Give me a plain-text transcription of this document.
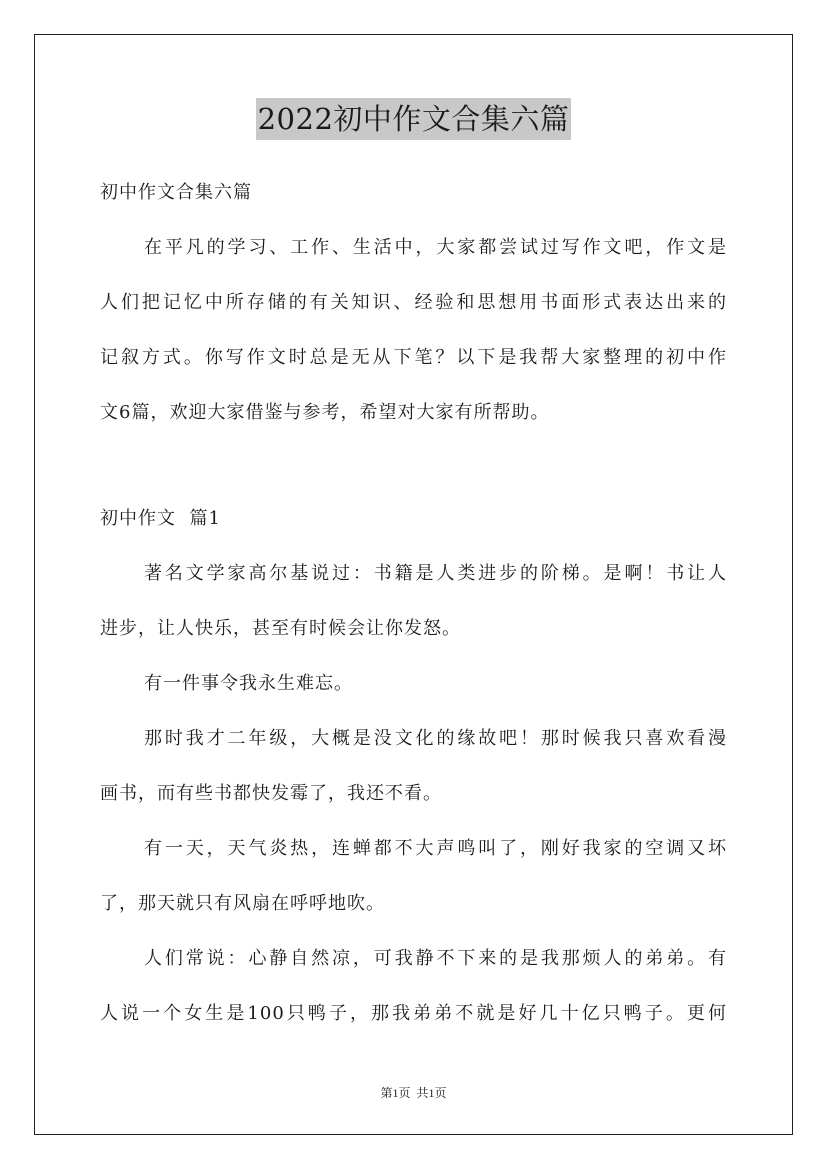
2022初中作文合集六篇
初中作文合集六篇
在平凡的学习、工作、生活中，大家都尝试过写作文吧，作文是
人们把记忆中所存储的有关知识、经验和思想用书面形式表达出来的
记叙方式。你写作文时总是无从下笔？以下是我帮大家整理的初中作
文6篇，欢迎大家借鉴与参考，希望对大家有所帮助。
初中作文  篇1
著名文学家高尔基说过：书籍是人类进步的阶梯。是啊！书让人
进步，让人快乐，甚至有时候会让你发怒。
有一件事令我永生难忘。
那时我才二年级，大概是没文化的缘故吧！那时候我只喜欢看漫
画书，而有些书都快发霉了，我还不看。
有一天，天气炎热，连蝉都不大声鸣叫了，刚好我家的空调又坏
了，那天就只有风扇在呼呼地吹。
人们常说：心静自然凉，可我静不下来的是我那烦人的弟弟。有
人说一个女生是100只鸭子，那我弟弟不就是好几十亿只鸭子。更何
第1页  共1页
